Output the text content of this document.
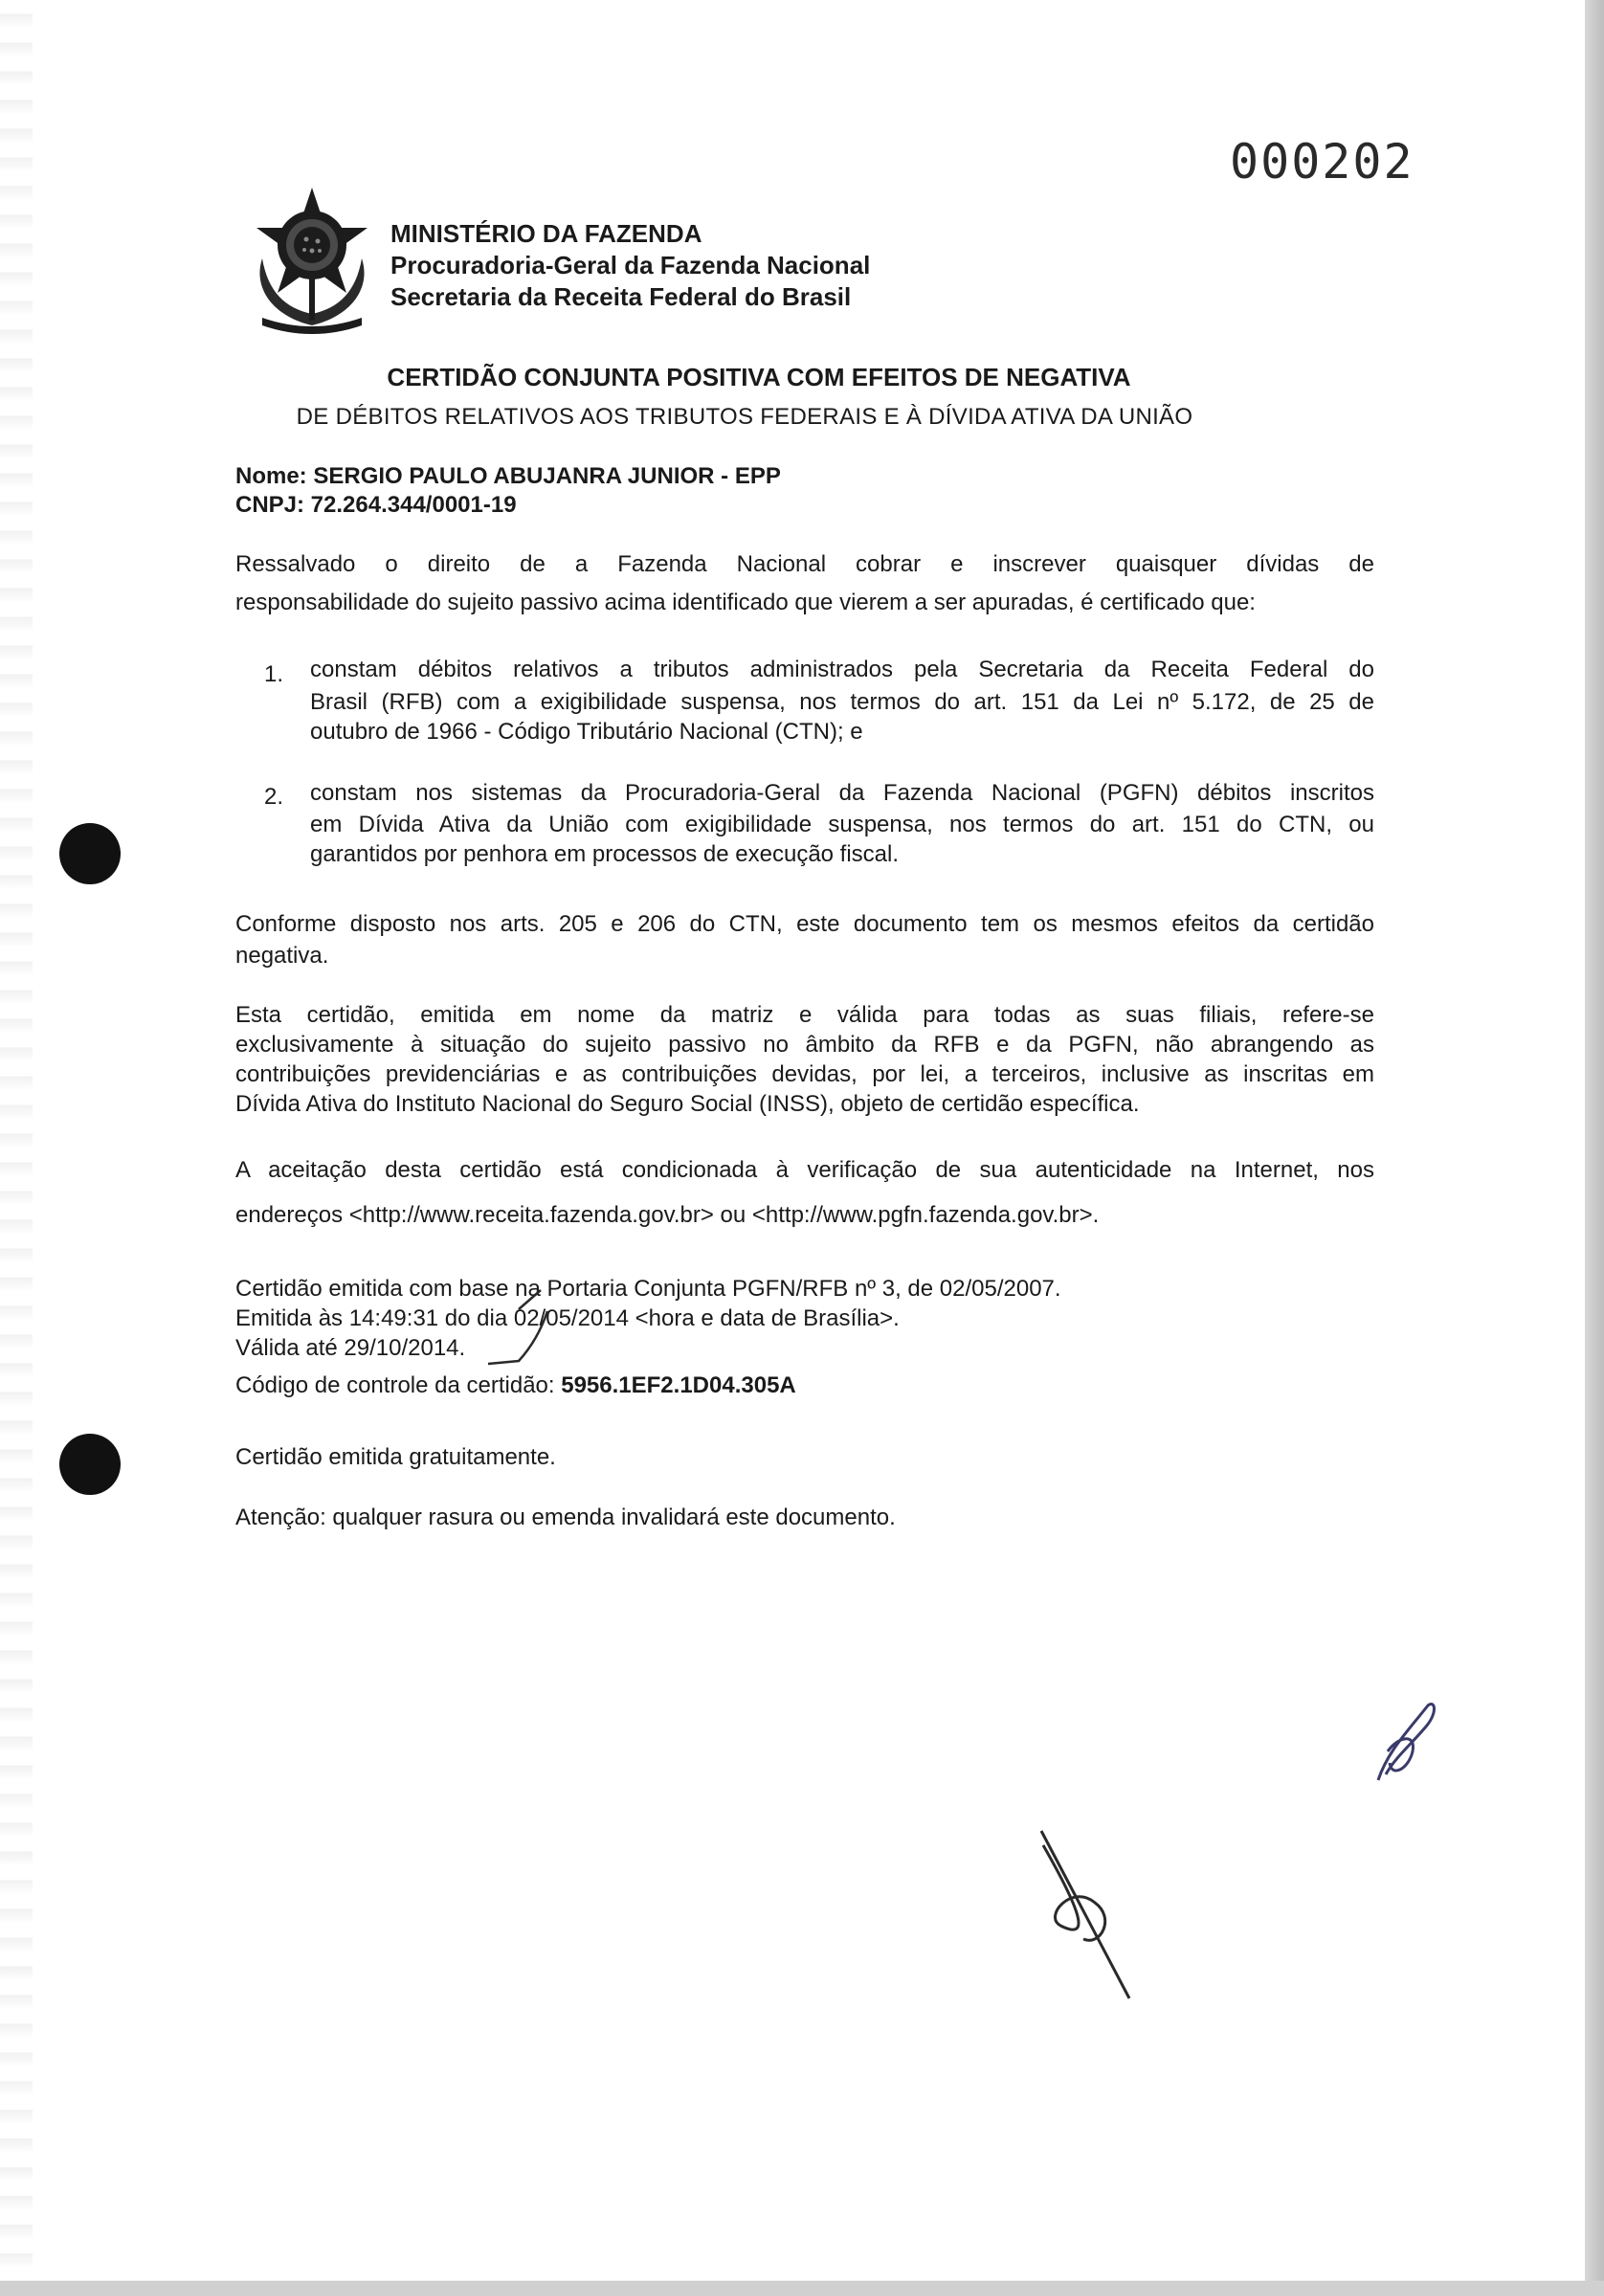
000202
MINISTÉRIO DA FAZENDA
Procuradoria-Geral da Fazenda Nacional
Secretaria da Receita Federal do Brasil
CERTIDÃO CONJUNTA POSITIVA COM EFEITOS DE NEGATIVA
DE DÉBITOS RELATIVOS AOS TRIBUTOS FEDERAIS E À DÍVIDA ATIVA DA UNIÃO
Nome: SERGIO PAULO ABUJANRA JUNIOR - EPP
CNPJ: 72.264.344/0001-19
Ressalvado o direito de a Fazenda Nacional cobrar e inscrever quaisquer dívidas de
responsabilidade do sujeito passivo acima identificado que vierem a ser apuradas, é certificado que:
1. constam débitos relativos a tributos administrados pela Secretaria da Receita Federal do
Brasil (RFB) com a exigibilidade suspensa, nos termos do art. 151 da Lei nº 5.172, de 25 de
outubro de 1966 - Código Tributário Nacional (CTN); e
2. constam nos sistemas da Procuradoria-Geral da Fazenda Nacional (PGFN) débitos inscritos
em Dívida Ativa da União com exigibilidade suspensa, nos termos do art. 151 do CTN, ou
garantidos por penhora em processos de execução fiscal.
Conforme disposto nos arts. 205 e 206 do CTN, este documento tem os mesmos efeitos da certidão
negativa.
Esta certidão, emitida em nome da matriz e válida para todas as suas filiais, refere-se
exclusivamente à situação do sujeito passivo no âmbito da RFB e da PGFN, não abrangendo as
contribuições previdenciárias e as contribuições devidas, por lei, a terceiros, inclusive as inscritas em
Dívida Ativa do Instituto Nacional do Seguro Social (INSS), objeto de certidão específica.
A aceitação desta certidão está condicionada à verificação de sua autenticidade na Internet, nos
endereços <http://www.receita.fazenda.gov.br> ou <http://www.pgfn.fazenda.gov.br>.
Certidão emitida com base na Portaria Conjunta PGFN/RFB nº 3, de 02/05/2007.
Emitida às 14:49:31 do dia 02/05/2014 <hora e data de Brasília>.
Válida até 29/10/2014.
Código de controle da certidão: 5956.1EF2.1D04.305A
Certidão emitida gratuitamente.
Atenção: qualquer rasura ou emenda invalidará este documento.
